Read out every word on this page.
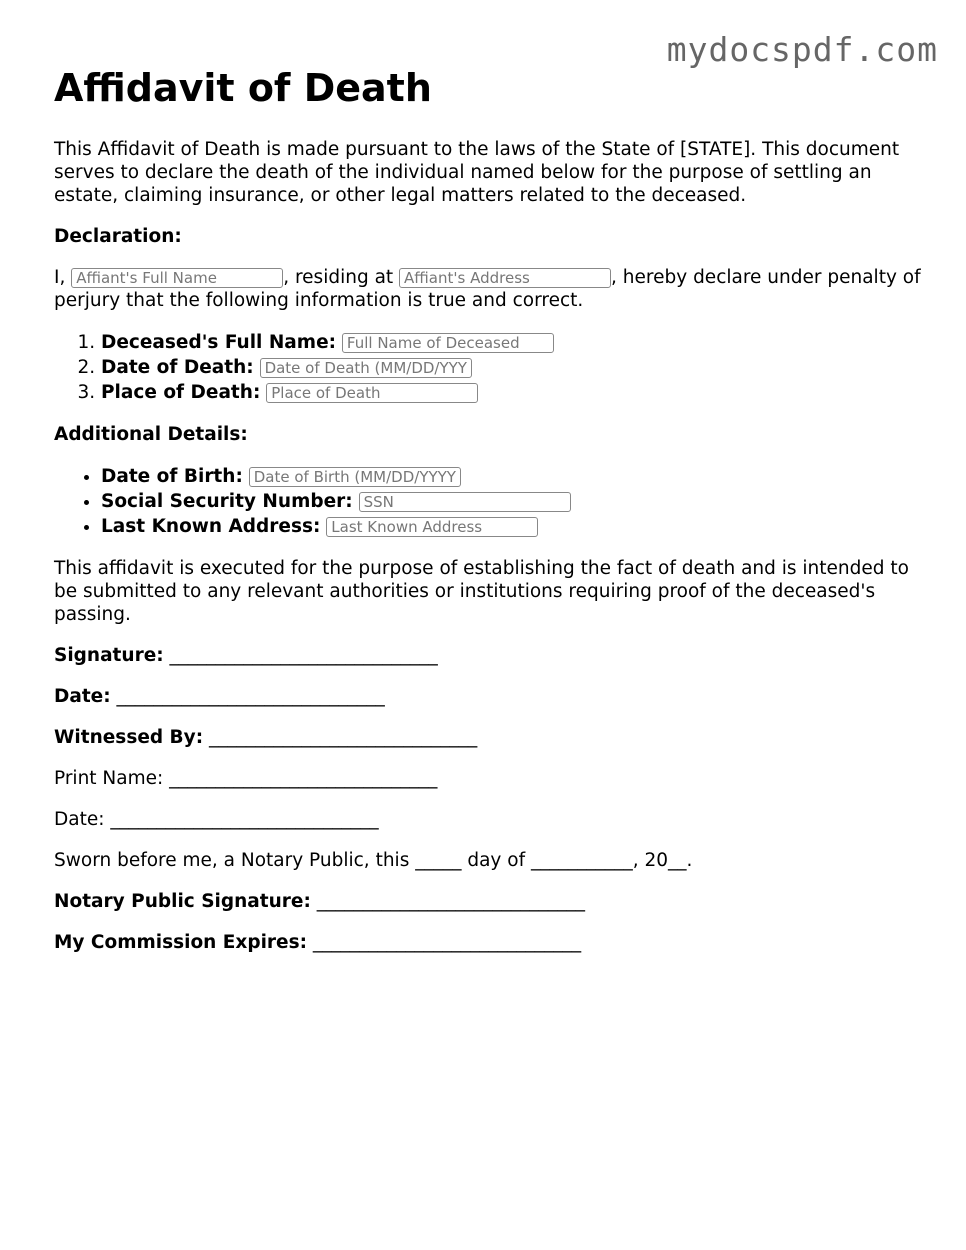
mydocspdf.com
Affidavit of Death

This Affidavit of Death is made pursuant to the laws of the State of [STATE]. This document serves to declare the death of the individual named below for the purpose of settling an estate, claiming insurance, or other legal matters related to the deceased.

Declaration:

I, Affiant's Full Name	, residing at Affiant's Address	, hereby declare under penalty of perjury that the following information is true and correct.

1. Deceased's Full Name: Full Name of Deceased
2. Date of Death: Date of Death (MM/DD/YYYY)
3. Place of Death: Place of Death

Additional Details:

• Date of Birth: Date of Birth (MM/DD/YYYY)
• Social Security Number: SSN
• Last Known Address: Last Known Address

This affidavit is executed for the purpose of establishing the fact of death and is intended to be submitted to any relevant authorities or institutions requiring proof of the deceased's passing.

Signature: _____________________________

Date: _____________________________

Witnessed By: _____________________________

Print Name: _____________________________

Date: _____________________________

Sworn before me, a Notary Public, this _____ day of ___________, 20__.

Notary Public Signature: _____________________________

My Commission Expires: _____________________________
